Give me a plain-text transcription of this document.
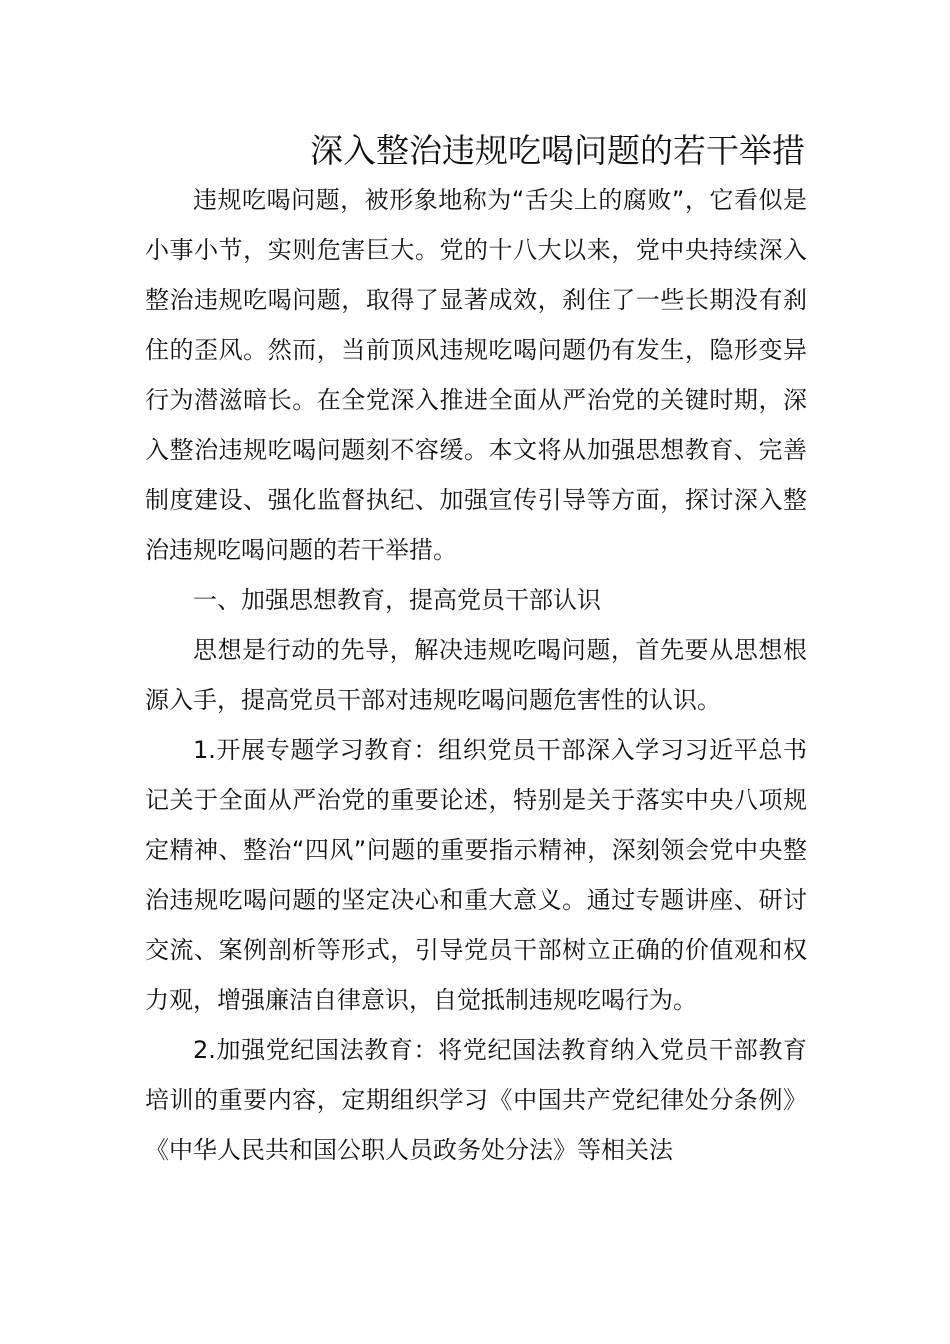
深入整治违规吃喝问题的若干举措

违规吃喝问题，被形象地称为“舌尖上的腐败”，它看似是小事小节，实则危害巨大。党的十八大以来，党中央持续深入整治违规吃喝问题，取得了显著成效，刹住了一些长期没有刹住的歪风。然而，当前顶风违规吃喝问题仍有发生，隐形变异行为潜滋暗长。在全党深入推进全面从严治党的关键时期，深入整治违规吃喝问题刻不容缓。本文将从加强思想教育、完善制度建设、强化监督执纪、加强宣传引导等方面，探讨深入整治违规吃喝问题的若干举措。

一、加强思想教育，提高党员干部认识

思想是行动的先导，解决违规吃喝问题，首先要从思想根源入手，提高党员干部对违规吃喝问题危害性的认识。

1.开展专题学习教育：组织党员干部深入学习习近平总书记关于全面从严治党的重要论述，特别是关于落实中央八项规定精神、整治“四风”问题的重要指示精神，深刻领会党中央整治违规吃喝问题的坚定决心和重大意义。通过专题讲座、研讨交流、案例剖析等形式，引导党员干部树立正确的价值观和权力观，增强廉洁自律意识，自觉抵制违规吃喝行为。

2.加强党纪国法教育：将党纪国法教育纳入党员干部教育培训的重要内容，定期组织学习《中国共产党纪律处分条例》《中华人民共和国公职人员政务处分法》等相关法
